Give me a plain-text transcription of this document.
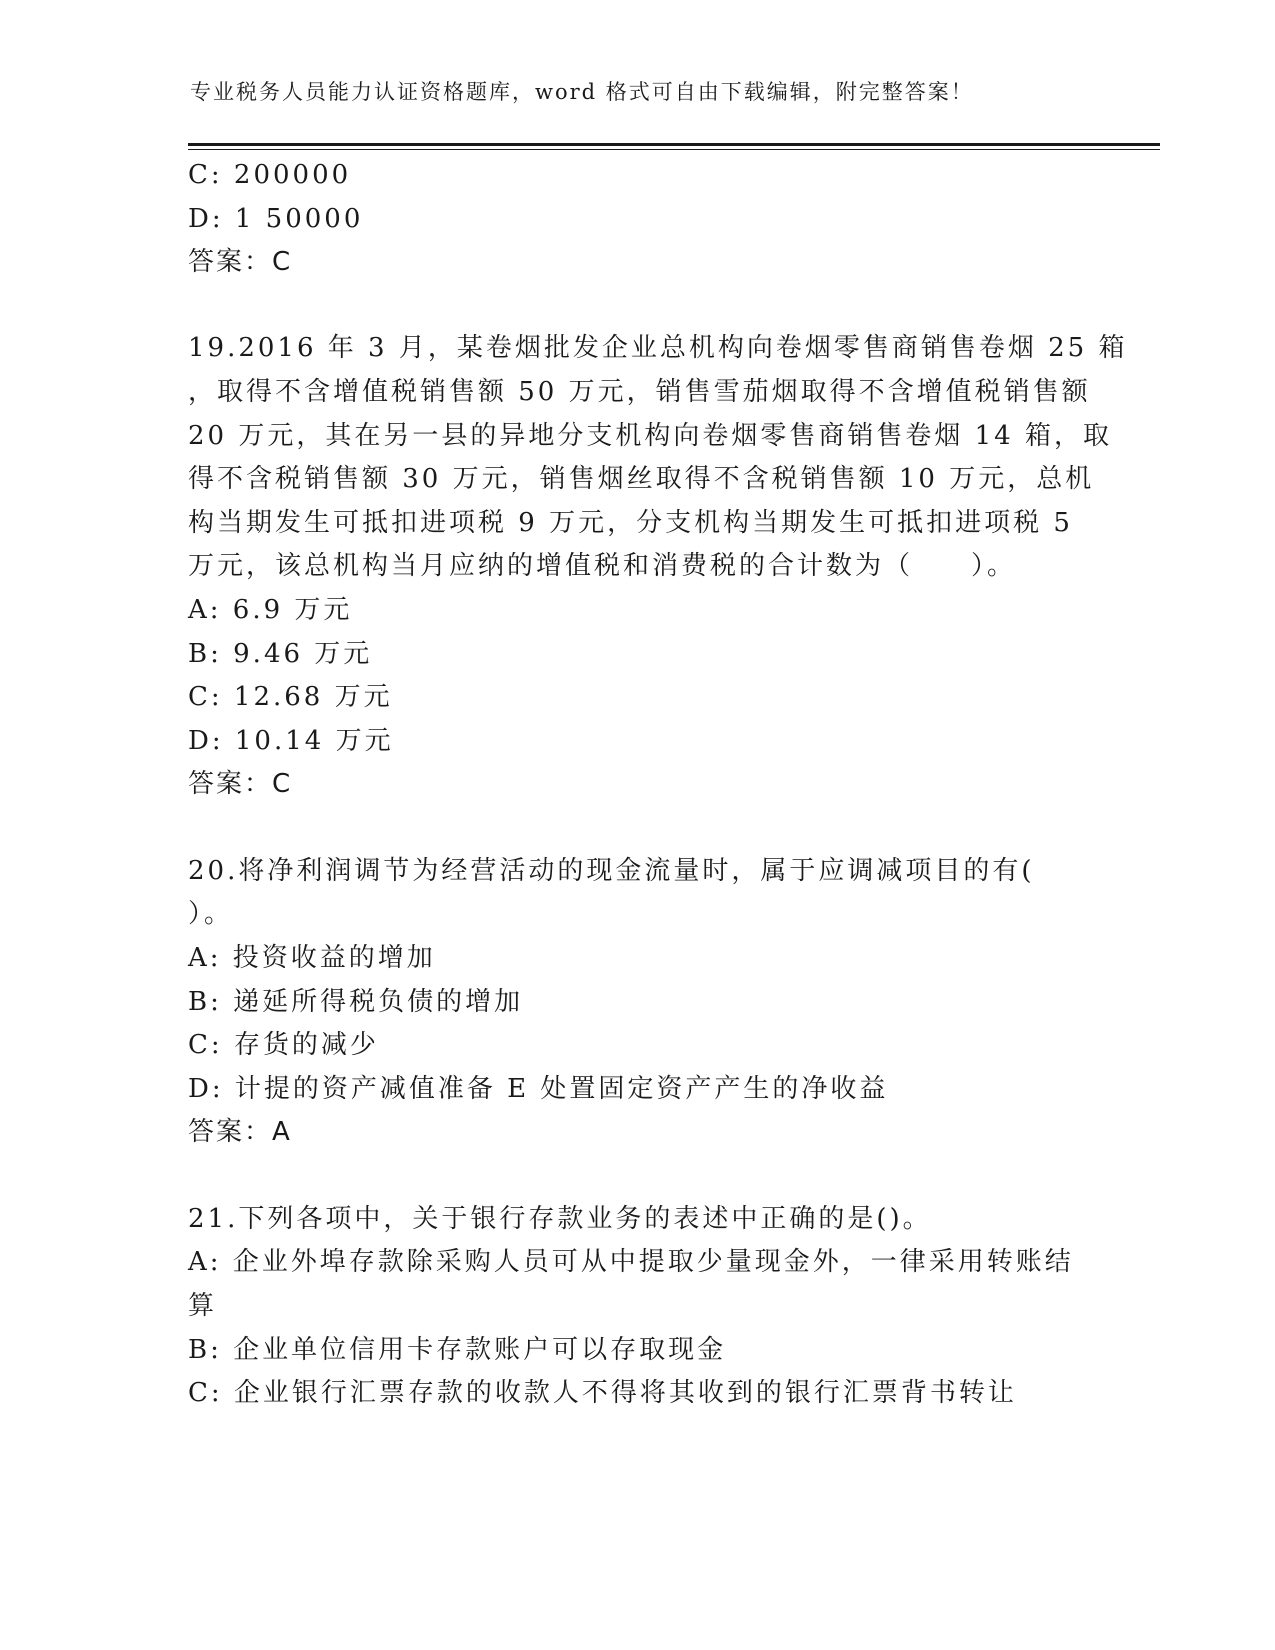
专业税务人员能力认证资格题库，word 格式可自由下载编辑，附完整答案！
C: 200000
D: 1 50000
答案：C
19.2016 年 3 月，某卷烟批发企业总机构向卷烟零售商销售卷烟 25 箱
，取得不含增值税销售额 50 万元，销售雪茄烟取得不含增值税销售额
20 万元，其在另一县的异地分支机构向卷烟零售商销售卷烟 14 箱，取
得不含税销售额 30 万元，销售烟丝取得不含税销售额 10 万元，总机
构当期发生可抵扣进项税 9 万元，分支机构当期发生可抵扣进项税 5
万元，该总机构当月应纳的增值税和消费税的合计数为（　　）。
A: 6.9 万元
B: 9.46 万元
C: 12.68 万元
D: 10.14 万元
答案：C
20.将净利润调节为经营活动的现金流量时，属于应调减项目的有(
）。
A: 投资收益的增加
B: 递延所得税负债的增加
C: 存货的减少
D: 计提的资产减值准备 E 处置固定资产产生的净收益
答案：A
21.下列各项中，关于银行存款业务的表述中正确的是()。
A: 企业外埠存款除采购人员可从中提取少量现金外，一律采用转账结
算
B: 企业单位信用卡存款账户可以存取现金
C: 企业银行汇票存款的收款人不得将其收到的银行汇票背书转让
